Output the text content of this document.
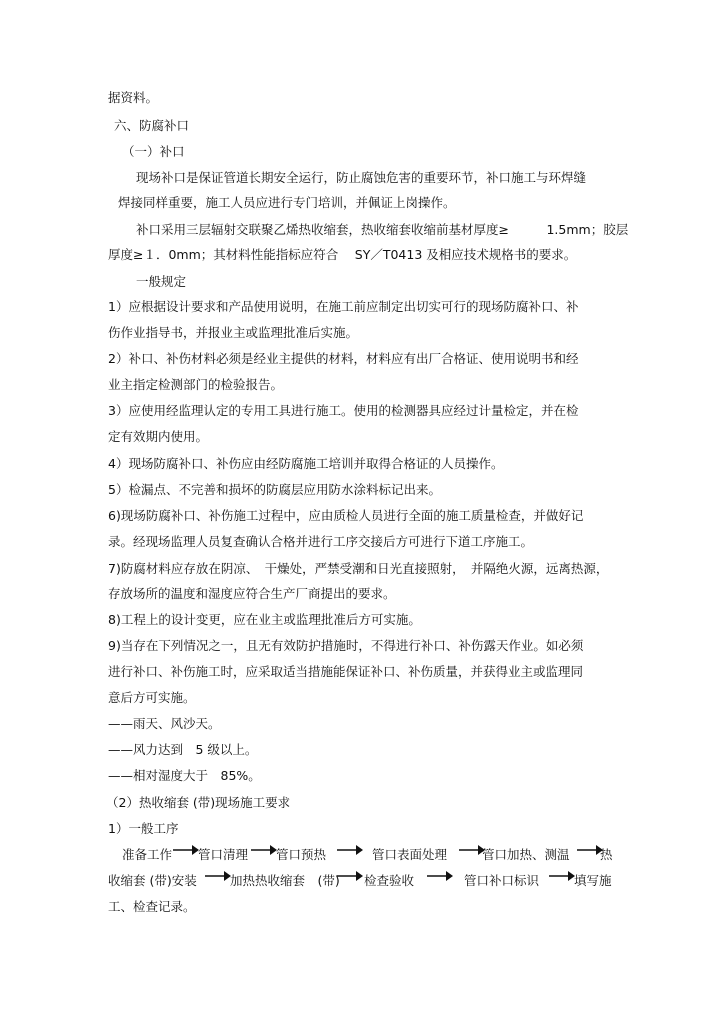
据资料。
六、防腐补口
（一）补口
现场补口是保证管道长期安全运行，防止腐蚀危害的重要环节，补口施工与环焊缝
焊接同样重要，施工人员应进行专门培训，并佩证上岗操作。
补口采用三层辐射交联聚乙烯热收缩套，热收缩套收缩前基材厚度≥　　　1.5mm；胶层
厚度≥１．0mm；其材料性能指标应符合　 SY／T0413 及相应技术规格书的要求。
一般规定
1）应根据设计要求和产品使用说明，在施工前应制定出切实可行的现场防腐补口、补
伤作业指导书，并报业主或监理批准后实施。
2）补口、补伤材料必须是经业主提供的材料，材料应有出厂合格证、使用说明书和经
业主指定检测部门的检验报告。
3）应使用经监理认定的专用工具进行施工。使用的检测器具应经过计量检定，并在检
定有效期内使用。
4）现场防腐补口、补伤应由经防腐施工培训并取得合格证的人员操作。
5）检漏点、不完善和损坏的防腐层应用防水涂料标记出来。
6)现场防腐补口、补伤施工过程中，应由质检人员进行全面的施工质量检查，并做好记
录。经现场监理人员复查确认合格并进行工序交接后方可进行下道工序施工。
7)防腐材料应存放在阴凉、　干燥处，严禁受潮和日光直接照射，　并隔绝火源，远离热源，
存放场所的温度和湿度应符合生产厂商提出的要求。
8)工程上的设计变更，应在业主或监理批准后方可实施。
9)当存在下列情况之一，且无有效防护措施时，不得进行补口、补伤露天作业。如必须
进行补口、补伤施工时，应采取适当措施能保证补口、补伤质量，并获得业主或监理同
意后方可实施。
——雨天、风沙天。
——风力达到　5 级以上。
——相对湿度大于　85%。
（2）热收缩套 (带)现场施工要求
1）一般工序
准备工作 管口清理 管口预热	管口表面处理	管口加热、测温 热
收缩套 (带)安装	加热热收缩套　(带) 检查验收	管口补口标识	填写施
工、检查记录。
